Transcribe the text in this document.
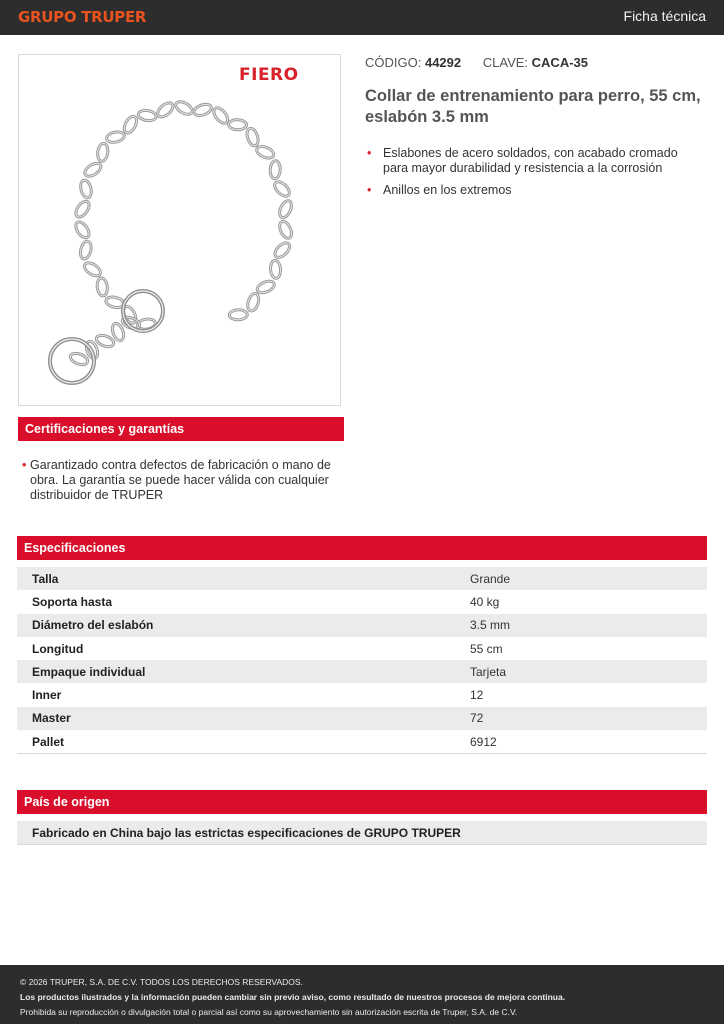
GRUPO TRUPER	Ficha técnica
FIERO
CÓDIGO: 44292 CLAVE: CACA-35
Collar de entrenamiento para perro, 55 cm, eslabón 3.5 mm
• Eslabones de acero soldados, con acabado cromado para mayor durabilidad y resistencia a la corrosión
• Anillos en los extremos
Certificaciones y garantías
• Garantizado contra defectos de fabricación o mano de obra. La garantía se puede hacer válida con cualquier distribuidor de TRUPER
Especificaciones
Talla	Grande
Soporta hasta	40 kg
Diámetro del eslabón	3.5 mm
Longitud	55 cm
Empaque individual	Tarjeta
Inner	12
Master	72
Pallet	6912
País de origen
Fabricado en China bajo las estrictas especificaciones de GRUPO TRUPER
© 2026 TRUPER, S.A. DE C.V. TODOS LOS DERECHOS RESERVADOS.
Los productos ilustrados y la información pueden cambiar sin previo aviso, como resultado de nuestros procesos de mejora continua.
Prohibida su reproducción o divulgación total o parcial así como su aprovechamiento sin autorización escrita de Truper, S.A. de C.V.
